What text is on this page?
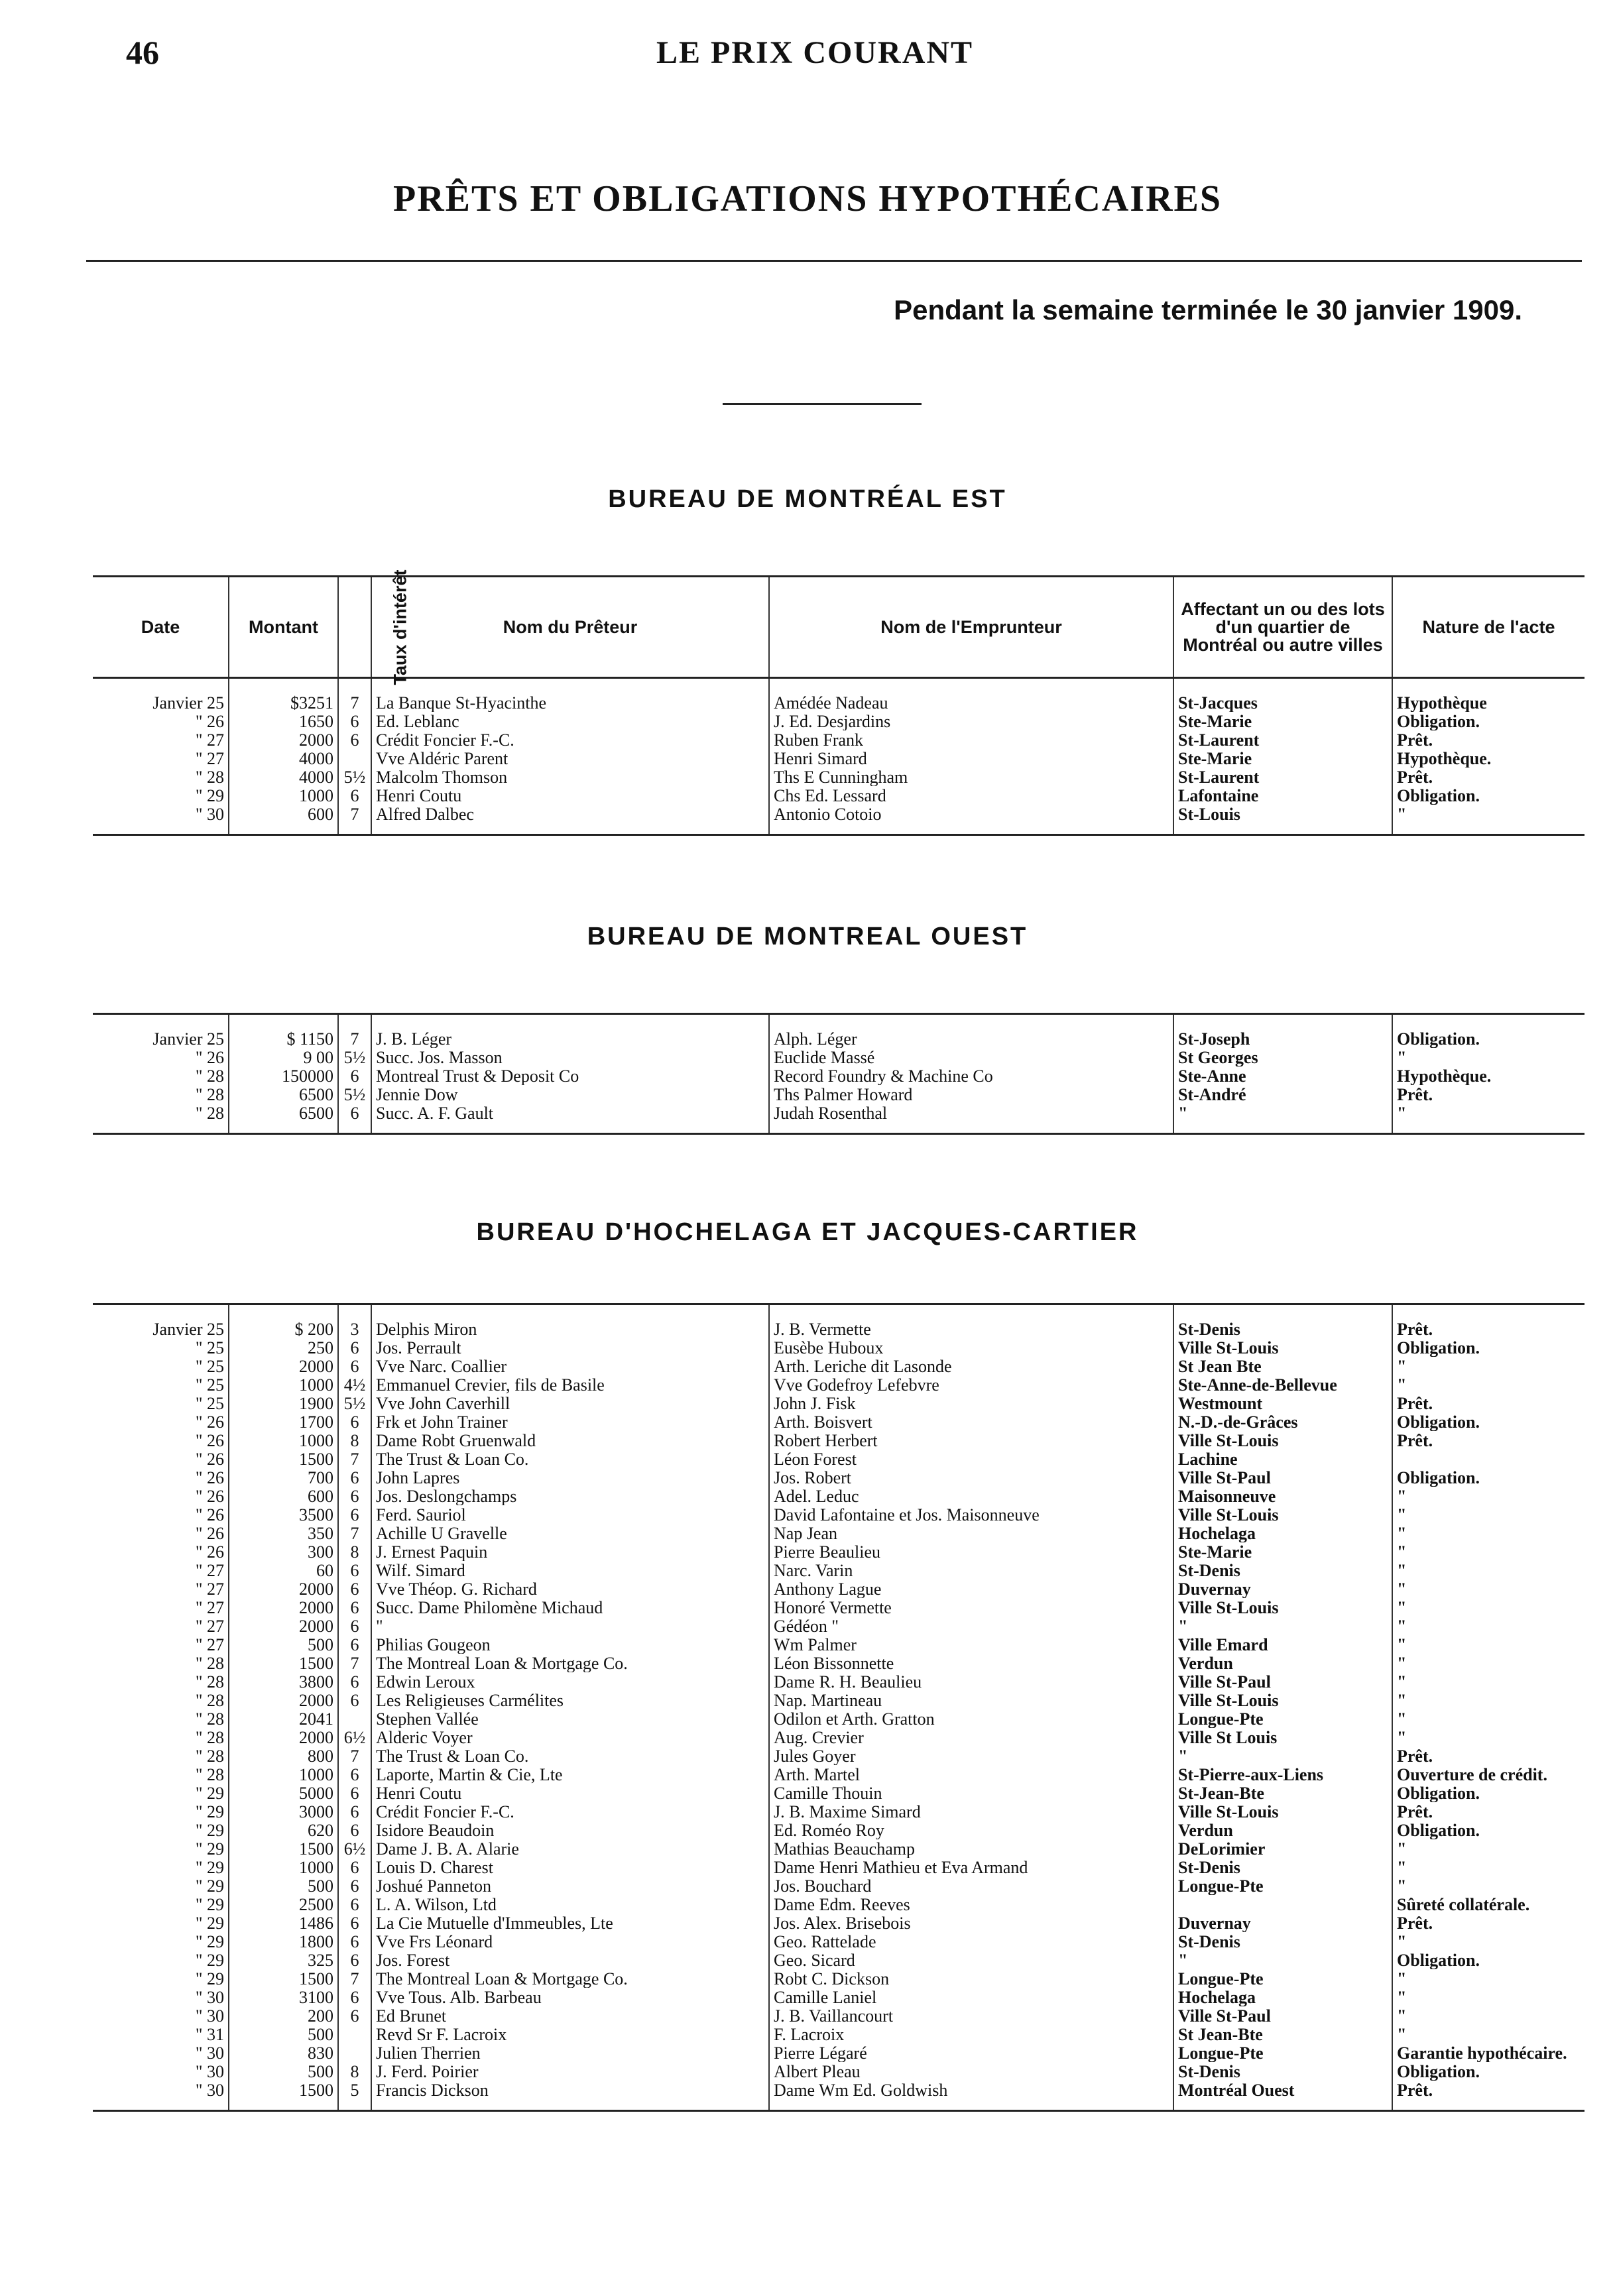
46	LE PRIX COURANT
PRÊTS ET OBLIGATIONS HYPOTHÉCAIRES
Pendant la semaine terminée le 30 janvier 1909.
BUREAU DE MONTRÉAL EST
Date	Montant	Taux d'intérêt	Nom du Prêteur	Nom de l'Emprunteur	Affectant un ou des lots d'un quartier de Montréal ou autre villes	Nature de l'acte
Janvier 25	$3251	7	La Banque St-Hyacinthe	Amédée Nadeau	St-Jacques	Hypothèque
" 26	1650	6	Ed. Leblanc	J. Ed. Desjardins	Ste-Marie	Obligation.
" 27	2000	6	Crédit Foncier F.-C.	Ruben Frank	St-Laurent	Prêt.
" 27	4000		Vve Aldéric Parent	Henri Simard	Ste-Marie	Hypothèque.
" 28	4000	5½	Malcolm Thomson	Ths E Cunningham	St-Laurent	Prêt.
" 29	1000	6	Henri Coutu	Chs Ed. Lessard	Lafontaine	Obligation.
" 30	600	7	Alfred Dalbec	Antonio Cotoio	St-Louis	"
BUREAU DE MONTREAL OUEST
Janvier 25	$ 1150	7	J. B. Léger	Alph. Léger	St-Joseph	Obligation.
" 26	9 00	5½	Succ. Jos. Masson	Euclide Massé	St Georges	"
" 28	150000	6	Montreal Trust & Deposit Co	Record Foundry & Machine Co	Ste-Anne	Hypothèque.
" 28	6500	5½	Jennie Dow	Ths Palmer Howard	St-André	Prêt.
" 28	6500	6	Succ. A. F. Gault	Judah Rosenthal	"	"
BUREAU D'HOCHELAGA ET JACQUES-CARTIER
Janvier 25	$ 200	3	Delphis Miron	J. B. Vermette	St-Denis	Prêt.
" 25	250	6	Jos. Perrault	Eusèbe Huboux	Ville St-Louis	Obligation.
" 25	2000	6	Vve Narc. Coallier	Arth. Leriche dit Lasonde	St Jean Bte	"
" 25	1000	4½	Emmanuel Crevier, fils de Basile	Vve Godefroy Lefebvre	Ste-Anne-de-Bellevue	"
" 25	1900	5½	Vve John Caverhill	John J. Fisk	Westmount	Prêt.
" 26	1700	6	Frk et John Trainer	Arth. Boisvert	N.-D.-de-Grâces	Obligation.
" 26	1000	8	Dame Robt Gruenwald	Robert Herbert	Ville St-Louis	Prêt.
" 26	1500	7	The Trust & Loan Co.	Léon Forest	Lachine	
" 26	700	6	John Lapres	Jos. Robert	Ville St-Paul	Obligation.
" 26	600	6	Jos. Deslongchamps	Adel. Leduc	Maisonneuve	"
" 26	3500	6	Ferd. Sauriol	David Lafontaine et Jos. Maisonneuve	Ville St-Louis	"
" 26	350	7	Achille U Gravelle	Nap Jean	Hochelaga	"
" 26	300	8	J. Ernest Paquin	Pierre Beaulieu	Ste-Marie	"
" 27	60	6	Wilf. Simard	Narc. Varin	St-Denis	"
" 27	2000	6	Vve Théop. G. Richard	Anthony Lague	Duvernay	"
" 27	2000	6	Succ. Dame Philomène Michaud	Honoré Vermette	Ville St-Louis	"
" 27	2000	6	"	Gédéon "	"	"
" 27	500	6	Philias Gougeon	Wm Palmer	Ville Emard	"
" 28	1500	7	The Montreal Loan & Mortgage Co.	Léon Bissonnette	Verdun	"
" 28	3800	6	Edwin Leroux	Dame R. H. Beaulieu	Ville St-Paul	"
" 28	2000	6	Les Religieuses Carmélites	Nap. Martineau	Ville St-Louis	"
" 28	2041		Stephen Vallée	Odilon et Arth. Gratton	Longue-Pte	"
" 28	2000	6½	Alderic Voyer	Aug. Crevier	Ville St Louis	"
" 28	800	7	The Trust & Loan Co.	Jules Goyer	"	Prêt.
" 28	1000	6	Laporte, Martin & Cie, Lte	Arth. Martel	St-Pierre-aux-Liens	Ouverture de crédit.
" 29	5000	6	Henri Coutu	Camille Thouin	St-Jean-Bte	Obligation.
" 29	3000	6	Crédit Foncier F.-C.	J. B. Maxime Simard	Ville St-Louis	Prêt.
" 29	620	6	Isidore Beaudoin	Ed. Roméo Roy	Verdun	Obligation.
" 29	1500	6½	Dame J. B. A. Alarie	Mathias Beauchamp	DeLorimier	"
" 29	1000	6	Louis D. Charest	Dame Henri Mathieu et Eva Armand	St-Denis	"
" 29	500	6	Joshué Panneton	Jos. Bouchard	Longue-Pte	"
" 29	2500	6	L. A. Wilson, Ltd	Dame Edm. Reeves		Sûreté collatérale.
" 29	1486	6	La Cie Mutuelle d'Immeubles, Lte	Jos. Alex. Brisebois	Duvernay	Prêt.
" 29	1800	6	Vve Frs Léonard	Geo. Rattelade	St-Denis	"
" 29	325	6	Jos. Forest	Geo. Sicard	"	Obligation.
" 29	1500	7	The Montreal Loan & Mortgage Co.	Robt C. Dickson	Longue-Pte	"
" 30	3100	6	Vve Tous. Alb. Barbeau	Camille Laniel	Hochelaga	"
" 30	200	6	Ed Brunet	J. B. Vaillancourt	Ville St-Paul	"
" 31	500		Revd Sr F. Lacroix	F. Lacroix	St Jean-Bte	"
" 30	830		Julien Therrien	Pierre Légaré	Longue-Pte	Garantie hypothécaire.
" 30	500	8	J. Ferd. Poirier	Albert Pleau	St-Denis	Obligation.
" 30	1500	5	Francis Dickson	Dame Wm Ed. Goldwish	Montréal Ouest	Prêt.
